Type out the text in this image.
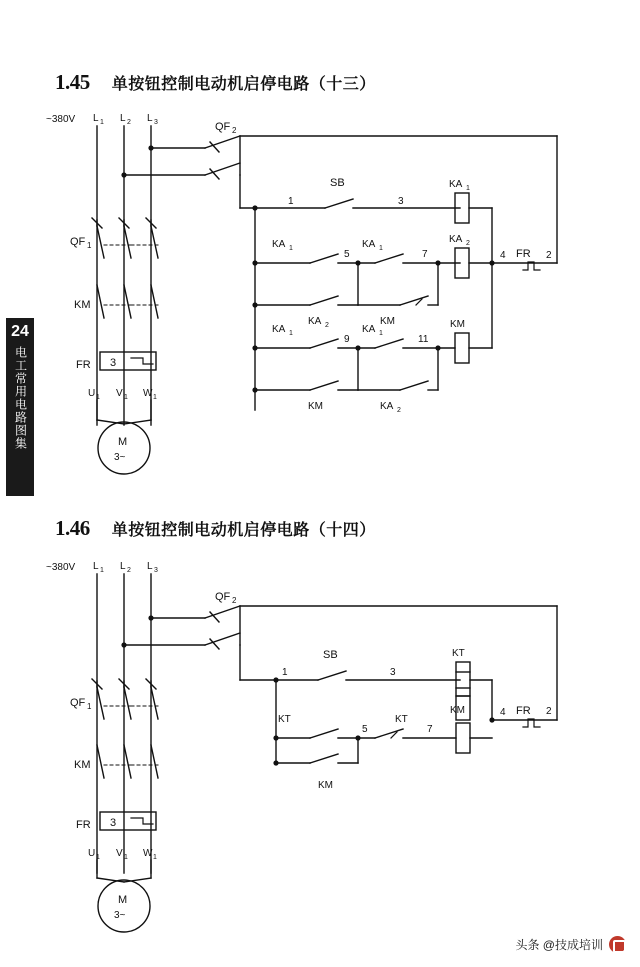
24
电工常用电路图集
1.45 单按钮控制电动机启停电路（十三）
~380V L 1 L 2 L 3	QF 2
QF 1
KM
FR 3
U 1 V 1 W 1
M
3~
1
SB
3
KA 1
KA 1
5
KA 1
7
KA 2
4 FR 2
KA 2	KM
KA 1
9
KA 1
11
KM
KM	KA 2
1.46 单按钮控制电动机启停电路（十四）
~380V L 1 L 2 L 3
QF 2
QF 1
KM
FR 3
U 1 V 1 W 1
M
3~
1
SB
3
KT
KM
KT
5
KT
7
4 FR 2
KM
头条 @技成培训
